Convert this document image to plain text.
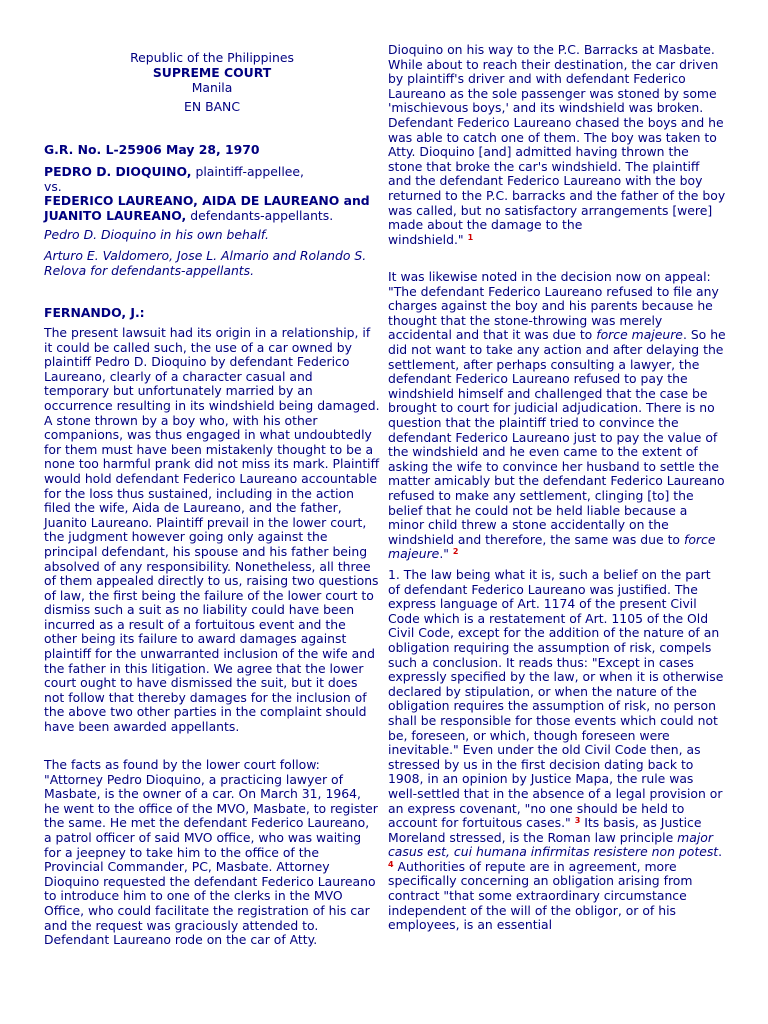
Republic of the Philippines

SUPREME COURT

Manila

EN BANC

G.R. No. L-25906 May 28, 1970

PEDRO D. DIOQUINO, plaintiff-appellee,
vs.
FEDERICO LAUREANO, AIDA DE LAUREANO and
JUANITO LAUREANO, defendants-appellants.

Pedro D. Dioquino in his own behalf.

Arturo E. Valdomero, Jose L. Almario and Rolando S. Relova for defendants-appellants.

FERNANDO, J.:

The present lawsuit had its origin in a relationship, if it could be called such, the use of a car owned by plaintiff Pedro D. Dioquino by defendant Federico Laureano, clearly of a character casual and temporary but unfortunately married by an occurrence resulting in its windshield being damaged. A stone thrown by a boy who, with his other companions, was thus engaged in what undoubtedly for them must have been mistakenly thought to be a none too harmful prank did not miss its mark. Plaintiff would hold defendant Federico Laureano accountable for the loss thus sustained, including in the action filed the wife, Aida de Laureano, and the father, Juanito Laureano. Plaintiff prevail in the lower court, the judgment however going only against the principal defendant, his spouse and his father being absolved of any responsibility. Nonetheless, all three of them appealed directly to us, raising two questions of law, the first being the failure of the lower court to dismiss such a suit as no liability could have been incurred as a result of a fortuitous event and the other being its failure to award damages against plaintiff for the unwarranted inclusion of the wife and the father in this litigation. We agree that the lower court ought to have dismissed the suit, but it does not follow that thereby damages for the inclusion of the above two other parties in the complaint should have been awarded appellants.

The facts as found by the lower court follow: "Attorney Pedro Dioquino, a practicing lawyer of Masbate, is the owner of a car. On March 31, 1964, he went to the office of the MVO, Masbate, to register the same. He met the defendant Federico Laureano, a patrol officer of said MVO office, who was waiting for a jeepney to take him to the office of the Provincial Commander, PC, Masbate. Attorney Dioquino requested the defendant Federico Laureano to introduce him to one of the clerks in the MVO Office, who could facilitate the registration of his car and the request was graciously attended to. Defendant Laureano rode on the car of Atty.

Dioquino on his way to the P.C. Barracks at Masbate. While about to reach their destination, the car driven by plaintiff's driver and with defendant Federico Laureano as the sole passenger was stoned by some 'mischievous boys,' and its windshield was broken. Defendant Federico Laureano chased the boys and he was able to catch one of them. The boy was taken to Atty. Dioquino [and] admitted having thrown the stone that broke the car's windshield. The plaintiff and the defendant Federico Laureano with the boy returned to the P.C. barracks and the father of the boy was called, but no satisfactory arrangements [were] made about the damage to the
windshield." $^1$

It was likewise noted in the decision now on appeal: "The defendant Federico Laureano refused to file any charges against the boy and his parents because he thought that the stone-throwing was merely accidental and that it was due to force majeure. So he did not want to take any action and after delaying the settlement, after perhaps consulting a lawyer, the defendant Federico Laureano refused to pay the windshield himself and challenged that the case be brought to court for judicial adjudication. There is no question that the plaintiff tried to convince the defendant Federico Laureano just to pay the value of the windshield and he even came to the extent of asking the wife to convince her husband to settle the matter amicably but the defendant Federico Laureano refused to make any settlement, clinging [to] the belief that he could not be held liable because a minor child threw a stone accidentally on the windshield and therefore, the same was due to force majeure." $^2$

1. The law being what it is, such a belief on the part of defendant Federico Laureano was justified. The express language of Art. 1174 of the present Civil Code which is a restatement of Art. 1105 of the Old Civil Code, except for the addition of the nature of an obligation requiring the assumption of risk, compels such a conclusion. It reads thus: "Except in cases expressly specified by the law, or when it is otherwise declared by stipulation, or when the nature of the obligation requires the assumption of risk, no person shall be responsible for those events which could not be, foreseen, or which, though foreseen were inevitable." Even under the old Civil Code then, as stressed by us in the first decision dating back to 1908, in an opinion by Justice Mapa, the rule was well-settled that in the absence of a legal provision or an express covenant, "no one should be held to account for fortuitous cases." $^3$ Its basis, as Justice Moreland stressed, is the Roman law principle major casus est, cui humana infirmitas resistere non potest. $^4$ Authorities of repute are in agreement, more specifically concerning an obligation arising from contract "that some extraordinary circumstance independent of the will of the obligor, or of his employees, is an essential
